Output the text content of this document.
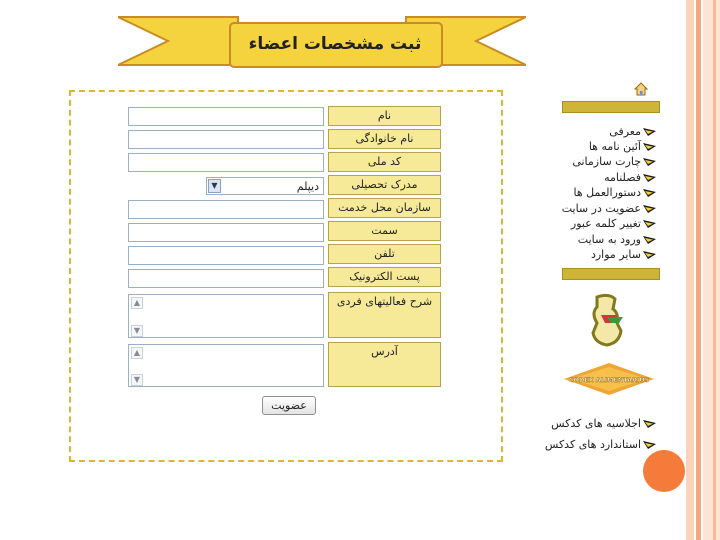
ثبت مشخصات اعضاء
نام
نام خانوادگی
کد ملی
مدرک تحصیلی
سازمان محل خدمت
سمت
تلفن
پست الکترونیک
شرح فعالیتهای فردی
آدرس
▼	دیپلم
▲
▼
▲
▼
عضویت
معرفی
آئین نامه ها
چارت سازمانی
فصلنامه
دستورالعمل ها
عضویت در سایت
تغییر کلمه عبور
ورود به سایت
سایر موارد
CODEX ALIMENTARIUS
اجلاسیه های کدکس
استاندارد های کدکس
